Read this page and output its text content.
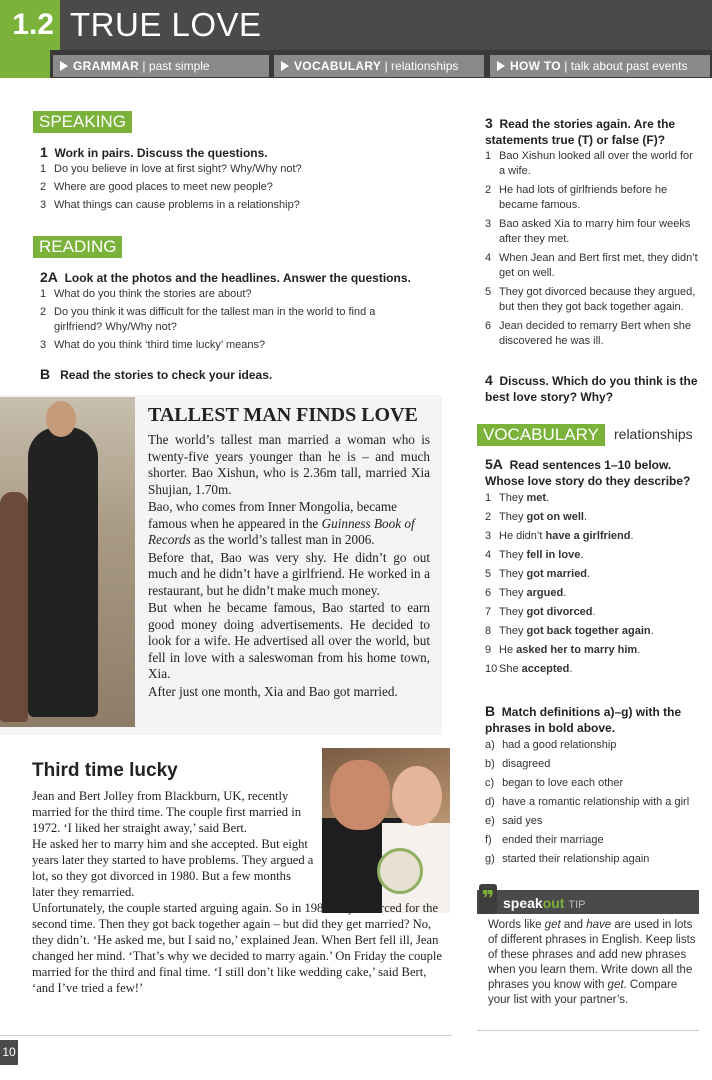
1.2 TRUE LOVE
GRAMMAR | past simple	VOCABULARY | relationships	HOW TO | talk about past events
SPEAKING
1 Work in pairs. Discuss the questions.
1 Do you believe in love at first sight? Why/Why not?
2 Where are good places to meet new people?
3 What things can cause problems in a relationship?
READING
2A Look at the photos and the headlines. Answer the questions.
1 What do you think the stories are about?
2 Do you think it was difficult for the tallest man in the world to find a girlfriend? Why/Why not?
3 What do you think ‘third time lucky’ means?
B Read the stories to check your ideas.
TALLEST MAN FINDS LOVE

The world’s tallest man married a woman who is twenty-five years younger than he is – and much shorter. Bao Xishun, who is 2.36m tall, married Xia Shujian, 1.70m.

Bao, who comes from Inner Mongolia, became famous when he appeared in the Guinness Book of Records as the world’s tallest man in 2006.

Before that, Bao was very shy. He didn’t go out much and he didn’t have a girlfriend. He worked in a restaurant, but he didn’t make much money.

But when he became famous, Bao started to earn good money doing advertisements. He decided to look for a wife. He advertised all over the world, but fell in love with a saleswoman from his home town, Xia.

After just one month, Xia and Bao got married.

Third time lucky

Jean and Bert Jolley from Blackburn, UK, recently married for the third time. The couple first married in 1972. ‘I liked her straight away,’ said Bert.

He asked her to marry him and she accepted. But eight years later they started to have problems. They argued a lot, so they got divorced in 1980. But a few months later they remarried.

Unfortunately, the couple started arguing again. So in 1986 they divorced for the second time. Then they got back together again – but did they get married? No, they didn’t. ‘He asked me, but I said no,’ explained Jean. When Bert fell ill, Jean changed her mind. ‘That’s why we decided to marry again.’ On Friday the couple married for the third and final time. ‘I still don’t like wedding cake,’ said Bert, ‘and I’ve tried a few!’

10
3 Read the stories again. Are the statements true (T) or false (F)?
1 Bao Xishun looked all over the world for a wife.
2 He had lots of girlfriends before he became famous.
3 Bao asked Xia to marry him four weeks after they met.
4 When Jean and Bert first met, they didn’t get on well.
5 They got divorced because they argued, but then they got back together again.
6 Jean decided to remarry Bert when she discovered he was ill.
4 Discuss. Which do you think is the best love story? Why?
VOCABULARY	relationships
5A Read sentences 1–10 below. Whose love story do they describe?
1 They met.
2 They got on well.
3 He didn’t have a girlfriend.
4 They fell in love.
5 They got married.
6 They argued.
7 They got divorced.
8 They got back together again.
9 He asked her to marry him.
10 She accepted.
B Match definitions a)–g) with the phrases in bold above.
a) had a good relationship
b) disagreed
c) began to love each other
d) have a romantic relationship with a girl
e) said yes
f) ended their marriage
g) started their relationship again
❞ speakout TIP
Words like get and have are used in lots of different phrases in English. Keep lists of these phrases and add new phrases when you learn them. Write down all the phrases you know with get. Compare your list with your partner’s.
